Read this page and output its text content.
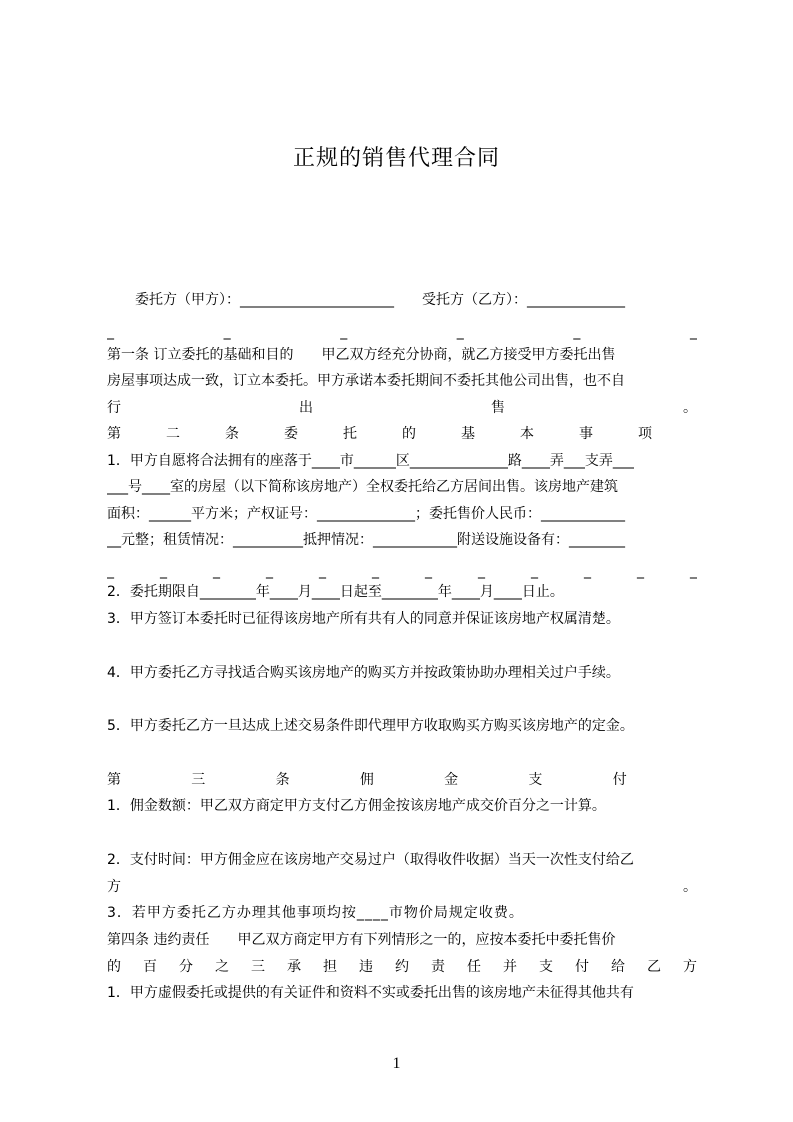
正规的销售代理合同
　　委托方（甲方）：______________________　　受托方（乙方）：______________
_	_	_	_	_	_
第一条 订立委托的基础和目的　　甲乙双方经充分协商，就乙方接受甲方委托出售
房屋事项达成一致，订立本委托。甲方承诺本委托期间不委托其他公司出售，也不自
行	出	售	。
第	二	条	委	托	的	基	本	事	项
1．甲方自愿将合法拥有的座落于____市______区______________路____弄___支弄___
___号____室的房屋（以下简称该房地产）全权委托给乙方居间出售。该房地产建筑
面积：______平方米；产权证号：______________；委托售价人民币：____________
__元整；租赁情况：__________抵押情况：____________附送设施设备有：________
_	_	_	_	_	_	_	_	_	_	_	_
2．委托期限自________年____月____日起至________年____月____日止。
3．甲方签订本委托时已征得该房地产所有共有人的同意并保证该房地产权属清楚。
4．甲方委托乙方寻找适合购买该房地产的购买方并按政策协助办理相关过户手续。
5．甲方委托乙方一旦达成上述交易条件即代理甲方收取购买方购买该房地产的定金。
第	三	条	佣	金	支	付
1．佣金数额：甲乙双方商定甲方支付乙方佣金按该房地产成交价百分之一计算。
2．支付时间：甲方佣金应在该房地产交易过户（取得收件收据）当天一次性支付给乙
方	。
3．若甲方委托乙方办理其他事项均按____市物价局规定收费。
第四条 违约责任　　甲乙双方商定甲方有下列情形之一的，应按本委托中委托售价
的 百 分 之 三 承 担 违 约 责 任 并 支 付 给 乙 方
1．甲方虚假委托或提供的有关证件和资料不实或委托出售的该房地产未征得其他共有
1
